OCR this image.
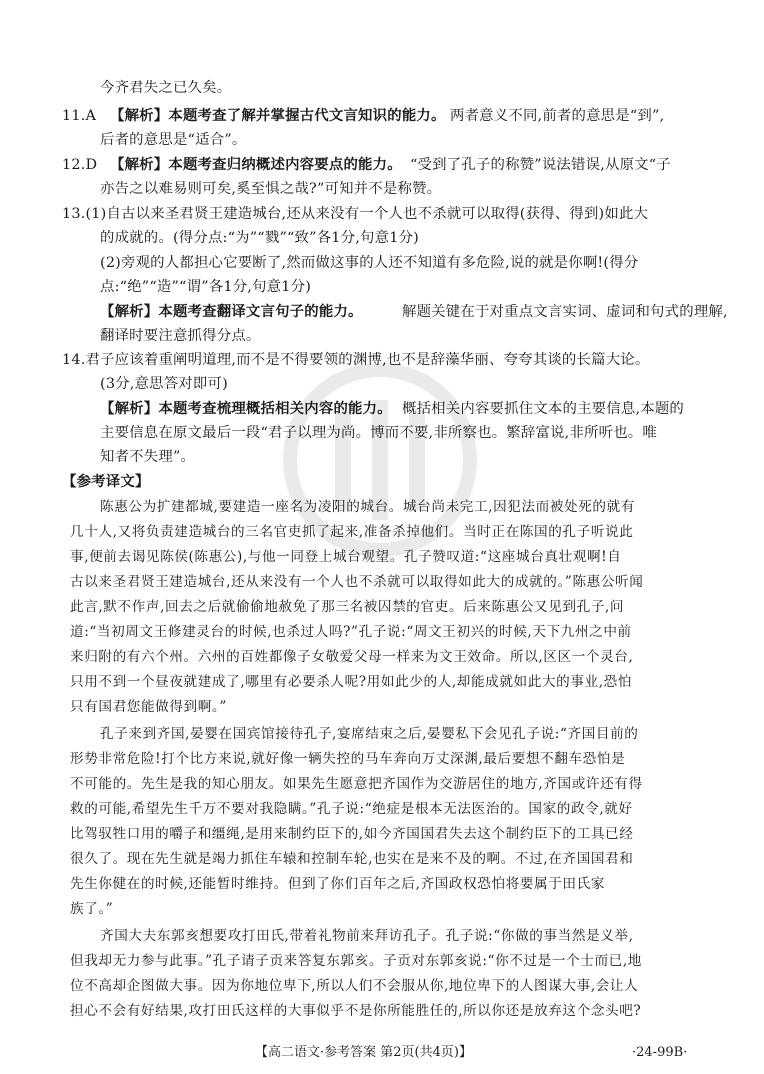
今齐君失之已久矣。
11.A 【解析】本题考查了解并掌握古代文言知识的能力。 两者意义不同,前者的意思是“到”,
后者的意思是“适合”。
12.D 【解析】本题考查归纳概述内容要点的能力。 “受到了孔子的称赞”说法错误,从原文“子
亦告之以难易则可矣,奚至惧之哉?”可知并不是称赞。
13.(1)自古以来圣君贤王建造城台,还从来没有一个人也不杀就可以取得(获得、得到)如此大
的成就的。(得分点:“为”“戮”“致”各1分,句意1分)
(2)旁观的人都担心它要断了,然而做这事的人还不知道有多危险,说的就是你啊!(得分
点:“绝”“造”“谓”各1分,句意1分)
【解析】本题考查翻译文言句子的能力。	解题关键在于对重点文言实词、虚词和句式的理解,
翻译时要注意抓得分点。
14.君子应该着重阐明道理,而不是不得要领的渊博,也不是辞藻华丽、夸夸其谈的长篇大论。
(3分,意思答对即可)
【解析】本题考查梳理概括相关内容的能力。 概括相关内容要抓住文本的主要信息,本题的
主要信息在原文最后一段“君子以理为尚。博而不要,非所察也。繁辞富说,非所听也。唯
知者不失理”。
【参考译文】
陈惠公为扩建都城,要建造一座名为凌阳的城台。城台尚未完工,因犯法而被处死的就有
几十人,又将负责建造城台的三名官吏抓了起来,准备杀掉他们。当时正在陈国的孔子听说此
事,便前去谒见陈侯(陈惠公),与他一同登上城台观望。孔子赞叹道:“这座城台真壮观啊!自
古以来圣君贤王建造城台,还从来没有一个人也不杀就可以取得如此大的成就的。”陈惠公听闻
此言,默不作声,回去之后就偷偷地赦免了那三名被囚禁的官吏。后来陈惠公又见到孔子,问
道:“当初周文王修建灵台的时候,也杀过人吗?”孔子说:“周文王初兴的时候,天下九州之中前
来归附的有六个州。六州的百姓都像子女敬爱父母一样来为文王效命。所以,区区一个灵台,
只用不到一个昼夜就建成了,哪里有必要杀人呢?用如此少的人,却能成就如此大的事业,恐怕
只有国君您能做得到啊。”
孔子来到齐国,晏婴在国宾馆接待孔子,宴席结束之后,晏婴私下会见孔子说:“齐国目前的
形势非常危险!打个比方来说,就好像一辆失控的马车奔向万丈深渊,最后要想不翻车恐怕是
不可能的。先生是我的知心朋友。如果先生愿意把齐国作为交游居住的地方,齐国或许还有得
救的可能,希望先生千万不要对我隐瞒。”孔子说:“绝症是根本无法医治的。国家的政令,就好
比驾驭牲口用的嚼子和缰绳,是用来制约臣下的,如今齐国国君失去这个制约臣下的工具已经
很久了。现在先生就是竭力抓住车辕和控制车轮,也实在是来不及的啊。不过,在齐国国君和
先生你健在的时候,还能暂时维持。但到了你们百年之后,齐国政权恐怕将要属于田氏家
族了。”
齐国大夫东郭亥想要攻打田氏,带着礼物前来拜访孔子。孔子说:“你做的事当然是义举,
但我却无力参与此事。”孔子请子贡来答复东郭亥。子贡对东郭亥说:“你不过是一个士而已,地
位不高却企图做大事。因为你地位卑下,所以人们不会服从你,地位卑下的人图谋大事,会让人
担心不会有好结果,攻打田氏这样的大事似乎不是你所能胜任的,所以你还是放弃这个念头吧?
【高二语文·参考答案 第2页(共4页)】	·24-99B·
